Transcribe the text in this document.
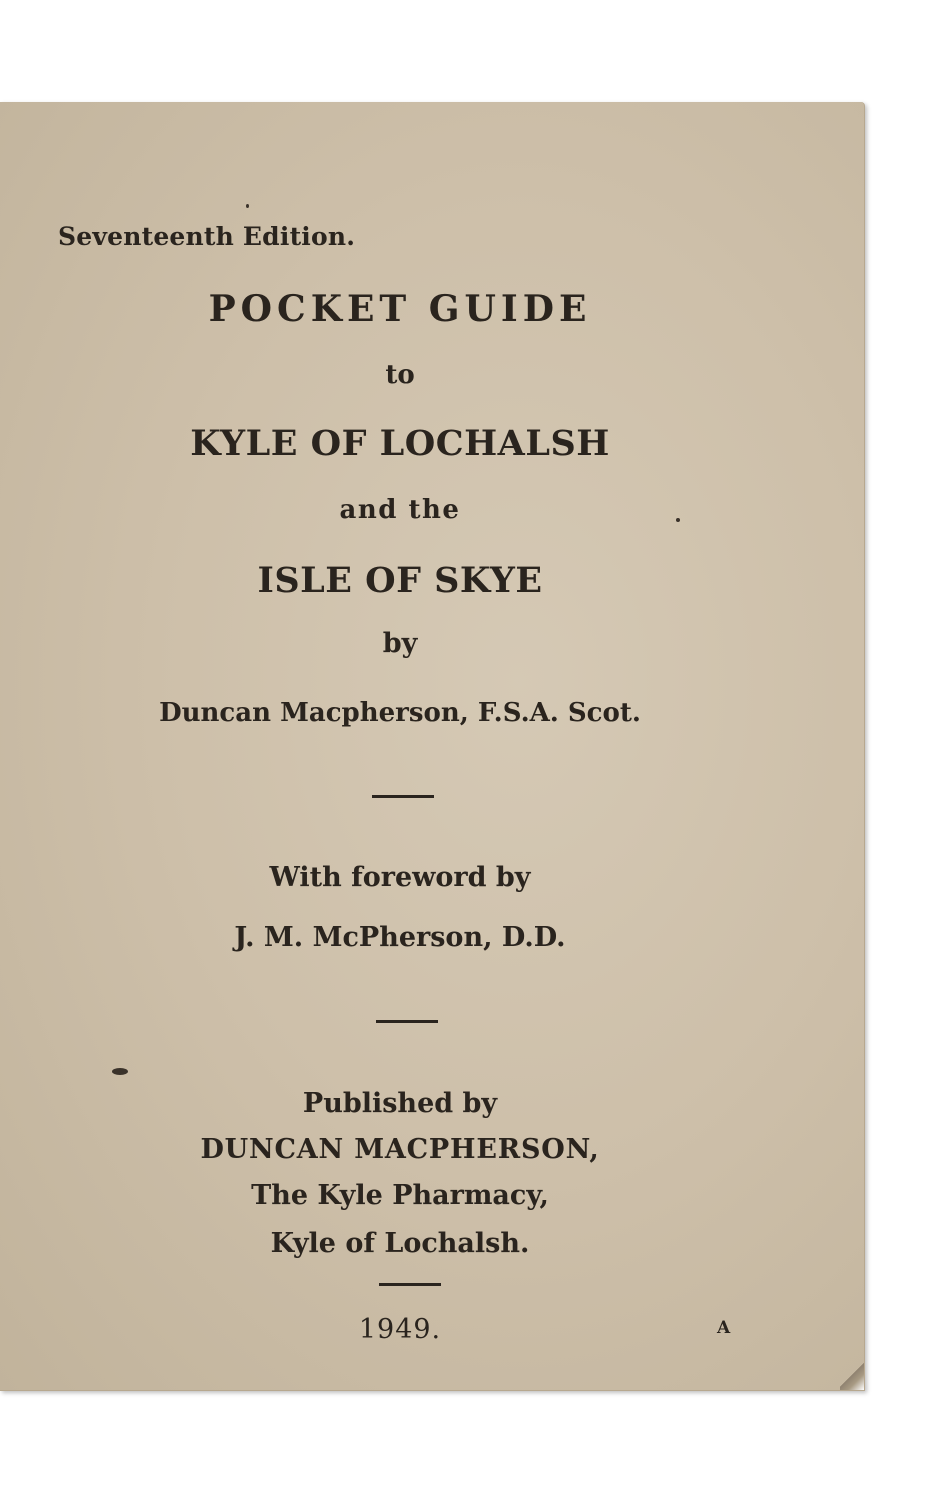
Seventeenth Edition.
POCKET GUIDE
to
KYLE OF LOCHALSH
and the
ISLE OF SKYE
by
Duncan Macpherson, F.S.A. Scot.
With foreword by
J. M. McPherson, D.D.
Published by
DUNCAN MACPHERSON,
The Kyle Pharmacy,
Kyle of Lochalsh.
1949.	A
